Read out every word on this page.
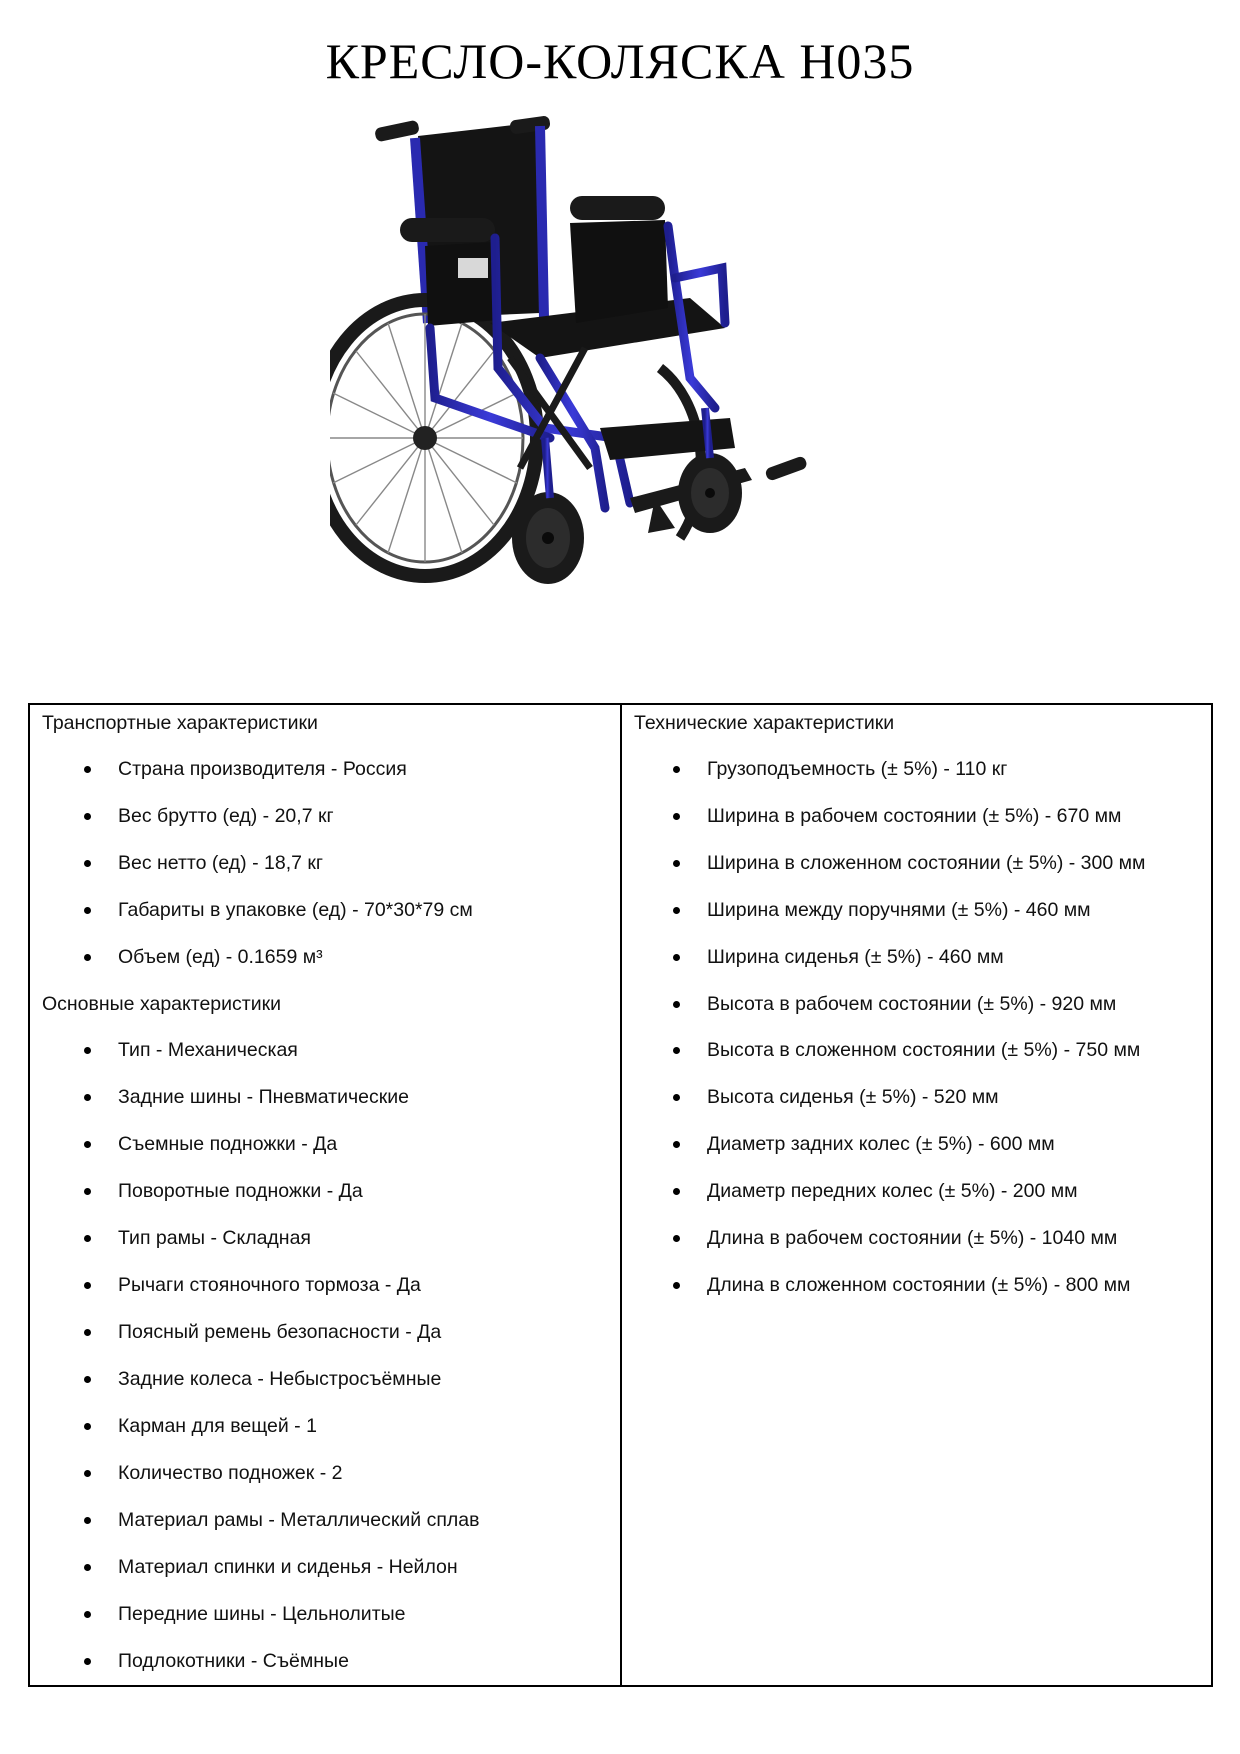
КРЕСЛО-КОЛЯСКА Н035
Транспортные характеристики
Страна производителя - Россия
Вес брутто (ед) - 20,7 кг
Вес нетто (ед) - 18,7 кг
Габариты в упаковке (ед) - 70*30*79 см
Объем (ед) - 0.1659 м³
Основные характеристики
Тип - Механическая
Задние шины - Пневматические
Съемные подножки - Да
Поворотные подножки - Да
Тип рамы - Складная
Рычаги стояночного тормоза - Да
Поясный ремень безопасности - Да
Задние колеса - Небыстросъёмные
Карман для вещей - 1
Количество подножек - 2
Материал рамы - Металлический сплав
Материал спинки и сиденья - Нейлон
Передние шины - Цельнолитые
Подлокотники - Съёмные
Технические характеристики
Грузоподъемность (± 5%) - 110 кг
Ширина в рабочем состоянии (± 5%) - 670 мм
Ширина в сложенном состоянии (± 5%) - 300 мм
Ширина между поручнями (± 5%) - 460 мм
Ширина сиденья (± 5%) - 460 мм
Высота в рабочем состоянии (± 5%) - 920 мм
Высота в сложенном состоянии (± 5%) - 750 мм
Высота сиденья (± 5%) - 520 мм
Диаметр задних колес (± 5%) - 600 мм
Диаметр передних колес (± 5%) - 200 мм
Длина в рабочем состоянии (± 5%) - 1040 мм
Длина в сложенном состоянии (± 5%) - 800 мм
